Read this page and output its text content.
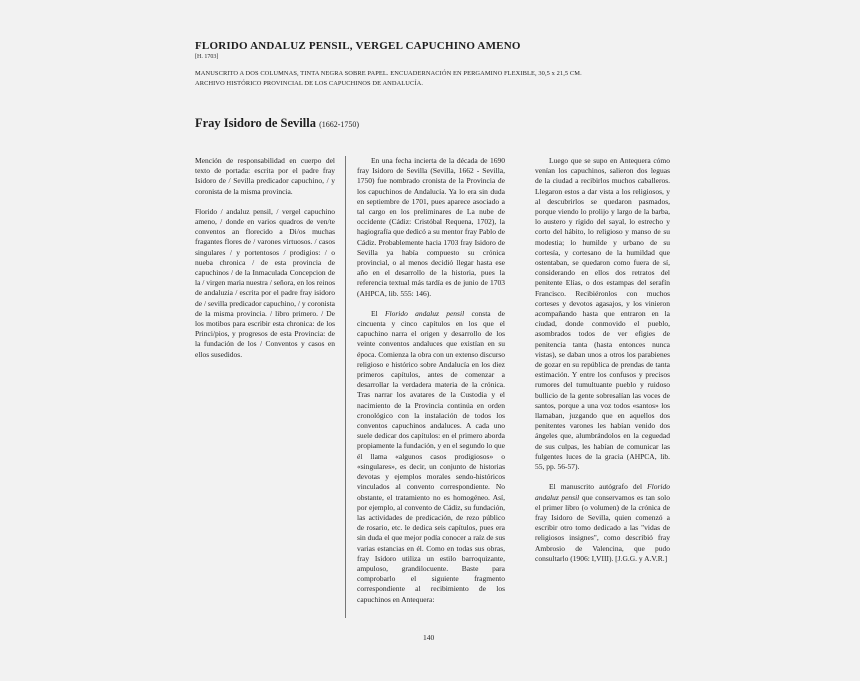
FLORIDO ANDALUZ PENSIL, VERGEL CAPUCHINO AMENO
[H. 1703]
MANUSCRITO A DOS COLUMNAS, TINTA NEGRA SOBRE PAPEL. ENCUADERNACIÓN EN PERGAMINO FLEXIBLE, 30,5 x 21,5 CM.
ARCHIVO HISTÓRICO PROVINCIAL DE LOS CAPUCHINOS DE ANDALUCÍA.
Fray Isidoro de Sevilla (1662-1750)

Mención de responsabilidad en cuerpo del texto de portada: escrita por el padre fray Isidoro de / Sevilla predicador capuchino, / y coronista de la misma provincia.

Florido / andaluz pensil, / vergel capuchino ameno, / donde en varios quadros de ven/te conventos an florecido a Di/os muchas fragantes flores de / varones virtuosos. / casos singulares / y portentosos / prodigios: / o nueba chronica / de esta provincia de capuchinos / de la Inmaculada Concepcion de la / virgen maria nuestra / señora, en los reinos de andaluzia / escrita por el padre fray isidoro de / sevilla predicador capuchino, / y coronista de la misma provincia. / libro primero. / De los motibos para escribir esta chronica: de los Princi/pios, y progresos de esta Provincia: de la fundación de los / Conventos y casos en ellos susedidos.

En una fecha incierta de la década de 1690 fray Isidoro de Sevilla (Sevilla, 1662 - Sevilla, 1750) fue nombrado cronista de la Provincia de los capuchinos de Andalucía. Ya lo era sin duda en septiembre de 1701, pues aparece asociado a tal cargo en los preliminares de La nube de occidente (Cádiz: Cristóbal Requena, 1702), la hagiografía que dedicó a su mentor fray Pablo de Cádiz. Probablemente hacia 1703 fray Isidoro de Sevilla ya había compuesto su crónica provincial, o al menos decidió llegar hasta ese año en el desarrollo de la historia, pues la referencia textual más tardía es de junio de 1703 (AHPCA, lib. 555: 146).

El Florido andaluz pensil consta de cincuenta y cinco capítulos en los que el capuchino narra el origen y desarrollo de los veinte conventos andaluces que existían en su época. Comienza la obra con un extenso discurso religioso e histórico sobre Andalucía en los diez primeros capítulos, antes de comenzar a desarrollar la verdadera materia de la crónica. Tras narrar los avatares de la Custodia y el nacimiento de la Provincia continúa en orden cronológico con la instalación de todos los conventos capuchinos andaluces. A cada uno suele dedicar dos capítulos: en el primero aborda propiamente la fundación, y en el segundo lo que él llama «algunos casos prodigiosos» o «singulares», es decir, un conjunto de historias devotas y ejemplos morales sendo-históricos vinculados al convento correspondiente. No obstante, el tratamiento no es homogéneo. Así, por ejemplo, al convento de Cádiz, su fundación, las actividades de predicación, de rezo público de rosario, etc. le dedica seis capítulos, pues era sin duda el que mejor podía conocer a raíz de sus varias estancias en él. Como en todas sus obras, fray Isidoro utiliza un estilo barroquizante, ampuloso, grandilocuente. Baste para comprobarlo el siguiente fragmento correspondiente al recibimiento de los capuchinos en Antequera:

Luego que se supo en Antequera cómo venían los capuchinos, salieron dos leguas de la ciudad a recibirlos muchos caballeros. Llegaron estos a dar vista a los religiosos, y al descubrirlos se quedaron pasmados, porque viendo lo prolijo y largo de la barba, lo austero y rígido del sayal, lo estrecho y corto del hábito, lo religioso y manso de su modestia; lo humilde y urbano de su cortesía, y cortesano de la humildad que ostentaban, se quedaron como fuera de sí, considerando en ellos dos retratos del penitente Elías, o dos estampas del serafín Francisco. Recibiéronlos con muchos corteses y devotos agasajos, y los vinieron acompañando hasta que entraron en la ciudad, donde conmovido el pueblo, asombrados todos de ver efigies de penitencia tanta (hasta entonces nunca vistas), se daban unos a otros los parabienes de gozar en su república de prendas de tanta estimación. Y entre los confusos y precisos rumores del tumultuante pueblo y ruidoso bullicio de la gente sobresalían las voces de santos, porque a una voz todos «santos» los llamaban, juzgando que en aquellos dos penitentes varones les habían venido dos ángeles que, alumbrándolos en la ceguedad de sus culpas, les habían de comunicar las fulgentes luces de la gracia (AHPCA, lib. 55, pp. 56-57).

El manuscrito autógrafo del Florido andaluz pensil que conservamos es tan solo el primer libro (o volumen) de la crónica de fray Isidoro de Sevilla, quien comenzó a escribir otro tomo dedicado a las "vidas de religiosos insignes", como describió fray Ambrosio de Valencina, que pudo consultarlo (1906: I,VIII). [J.G.G. y A.V.R.]

140
